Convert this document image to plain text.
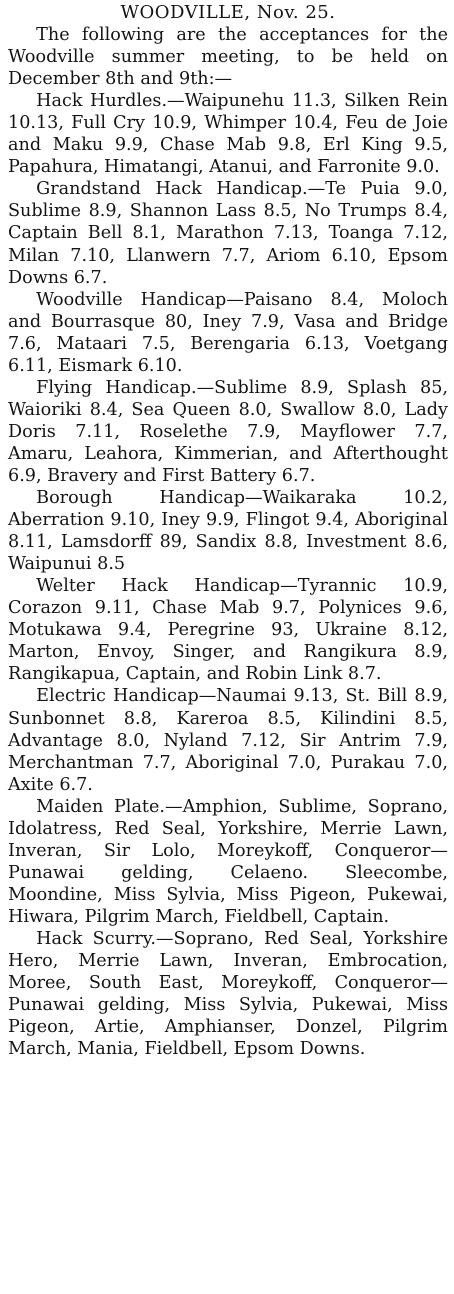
WOODVILLE, Nov. 25.

The following are the acceptances for the Woodville summer meeting, to be held on December 8th and 9th:—

Hack Hurdles.—Waipunehu 11.3, Silken Rein 10.13, Full Cry 10.9, Whimper 10.4, Feu de Joie and Maku 9.9, Chase Mab 9.8, Erl King 9.5, Papahura, Himatangi, Atanui, and Farronite 9.0.

Grandstand Hack Handicap.—Te Puia 9.0, Sublime 8.9, Shannon Lass 8.5, No Trumps 8.4, Captain Bell 8.1, Marathon 7.13, Toanga 7.12, Milan 7.10, Llanwern 7.7, Ariom 6.10, Epsom Downs 6.7.

Woodville Handicap—Paisano 8.4, Moloch and Bourrasque 80, Iney 7.9, Vasa and Bridge 7.6, Mataari 7.5, Berengaria 6.13, Voetgang 6.11, Eismark 6.10.

Flying Handicap.—Sublime 8.9, Splash 85, Waioriki 8.4, Sea Queen 8.0, Swallow 8.0, Lady Doris 7.11, Roselethe 7.9, Mayflower 7.7, Amaru, Leahora, Kimmerian, and Afterthought 6.9, Bravery and First Battery 6.7.

Borough Handicap—Waikaraka 10.2, Aberration 9.10, Iney 9.9, Flingot 9.4, Aboriginal 8.11, Lamsdorff 89, Sandix 8.8, Investment 8.6, Waipunui 8.5

Welter Hack Handicap—Tyrannic 10.9, Corazon 9.11, Chase Mab 9.7, Polynices 9.6, Motukawa 9.4, Peregrine 93, Ukraine 8.12, Marton, Envoy, Singer, and Rangikura 8.9, Rangikapua, Captain, and Robin Link 8.7.

Electric Handicap—Naumai 9.13, St. Bill 8.9, Sunbonnet 8.8, Kareroa 8.5, Kilindini 8.5, Advantage 8.0, Nyland 7.12, Sir Antrim 7.9, Merchantman 7.7, Aboriginal 7.0, Purakau 7.0, Axite 6.7.

Maiden Plate.—Amphion, Sublime, Soprano, Idolatress, Red Seal, Yorkshire, Merrie Lawn, Inveran, Sir Lolo, Moreykoff, Conqueror—Punawai gelding, Celaeno. Sleecombe, Moondine, Miss Sylvia, Miss Pigeon, Pukewai, Hiwara, Pilgrim March, Fieldbell, Captain.

Hack Scurry.—Soprano, Red Seal, Yorkshire Hero, Merrie Lawn, Inveran, Embrocation, Moree, South East, Moreykoff, Conqueror—Punawai gelding, Miss Sylvia, Pukewai, Miss Pigeon, Artie, Amphianser, Donzel, Pilgrim March, Mania, Fieldbell, Epsom Downs.
